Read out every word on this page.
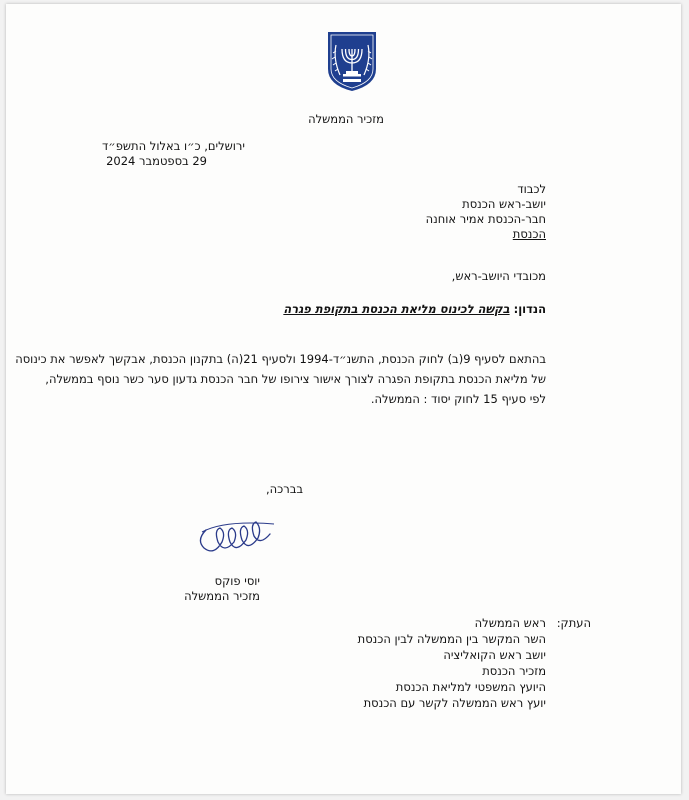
מזכיר הממשלה
ירושלים, כ״ו באלול התשפ״ד
29 בספטמבר 2024
לכבוד
יושב-ראש הכנסת
חבר-הכנסת אמיר אוחנה
הכנסת
מכובדי היושב-ראש,
הנדון: בקשה לכינוס מליאת הכנסת בתקופת פגרה
בהתאם לסעיף 9(ב) לחוק הכנסת, התשנ״ד-1994 ולסעיף 21(ה) בתקנון הכנסת, אבקשך לאפשר את כינוסה
של מליאת הכנסת בתקופת הפגרה לצורך אישור צירופו של חבר הכנסת גדעון סער כשר נוסף בממשלה,
לפי סעיף 15 לחוק יסוד : הממשלה.
בברכה,
יוסי פוקס
מזכיר הממשלה
העתק:
ראש הממשלה
השר המקשר בין הממשלה לבין הכנסת
יושב ראש הקואליציה
מזכיר הכנסת
היועץ המשפטי למליאת הכנסת
יועץ ראש הממשלה לקשר עם הכנסת
